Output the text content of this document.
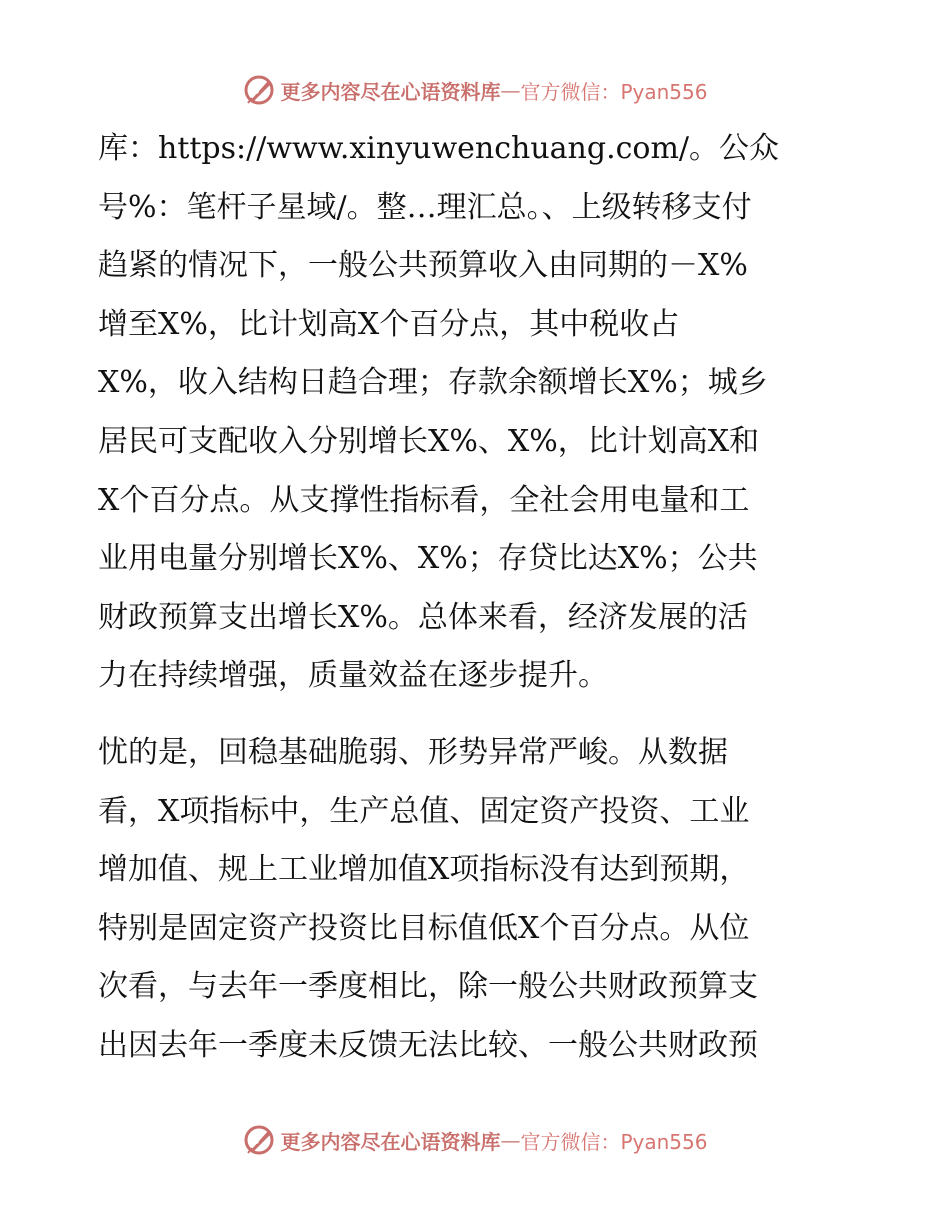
更多内容尽在心语资料库 — 官方微信：Pyan556
库：https://www.xinyuwenchuang.com/。公众
号%：笔杆子星域/。整…理汇总。、上级转移支付
趋紧的情况下，一般公共预算收入由同期的－X%
增至X%，比计划高X个百分点，其中税收占
X%，收入结构日趋合理；存款余额增长X%；城乡
居民可支配收入分别增长X%、X%，比计划高X和
X个百分点。从支撑性指标看，全社会用电量和工
业用电量分别增长X%、X%；存贷比达X%；公共
财政预算支出增长X%。总体来看，经济发展的活
力在持续增强，质量效益在逐步提升。
忧的是，回稳基础脆弱、形势异常严峻。从数据
看，X项指标中，生产总值、固定资产投资、工业
增加值、规上工业增加值X项指标没有达到预期，
特别是固定资产投资比目标值低X个百分点。从位
次看，与去年一季度相比，除一般公共财政预算支
出因去年一季度未反馈无法比较、一般公共财政预
更多内容尽在心语资料库 — 官方微信：Pyan556
